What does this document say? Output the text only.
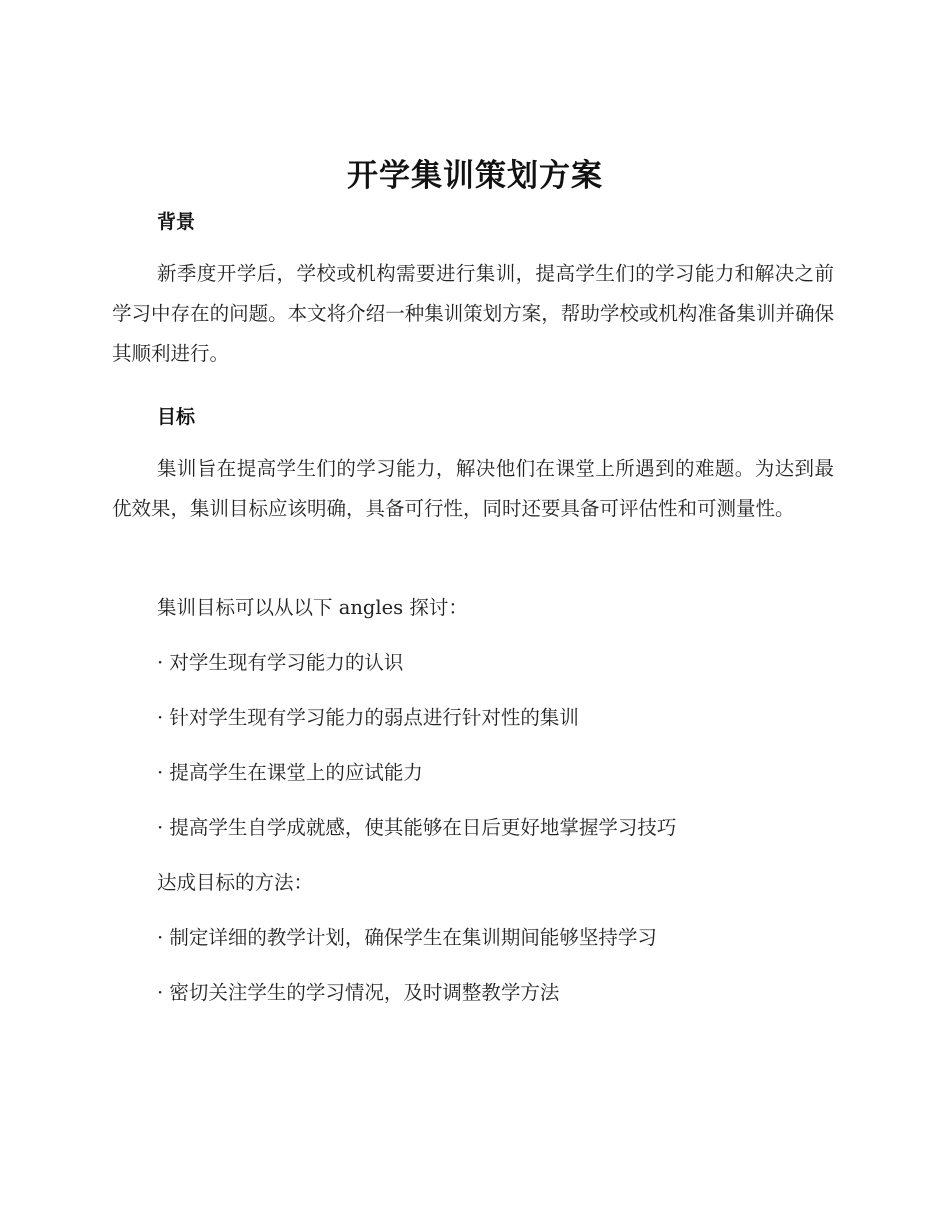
开学集训策划方案
背景
新季度开学后，学校或机构需要进行集训，提高学生们的学习能力和解决之前学习中存在的问题。本文将介绍一种集训策划方案，帮助学校或机构准备集训并确保其顺利进行。
目标
集训旨在提高学生们的学习能力，解决他们在课堂上所遇到的难题。为达到最优效果，集训目标应该明确，具备可行性，同时还要具备可评估性和可测量性。
集训目标可以从以下 angles 探讨：
· 对学生现有学习能力的认识
· 针对学生现有学习能力的弱点进行针对性的集训
· 提高学生在课堂上的应试能力
· 提高学生自学成就感，使其能够在日后更好地掌握学习技巧
达成目标的方法：
· 制定详细的教学计划，确保学生在集训期间能够坚持学习
· 密切关注学生的学习情况，及时调整教学方法
